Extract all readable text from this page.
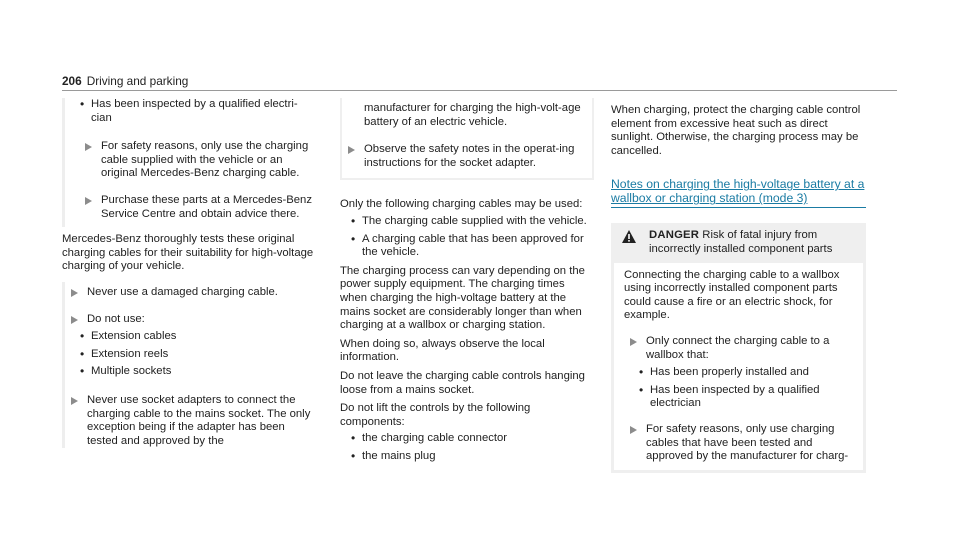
206 Driving and parking
• Has been inspected by a qualified electri-
cian
For safety reasons, only use the charging cable supplied with the vehicle or an original Mercedes-Benz charging cable.
Purchase these parts at a Mercedes-Benz Service Centre and obtain advice there.

Mercedes-Benz thoroughly tests these original charging cables for their suitability for high-voltage charging of your vehicle.

Never use a damaged charging cable.
Do not use:
• Extension cables
• Extension reels
• Multiple sockets
Never use socket adapters to connect the charging cable to the mains socket. The only exception being if the adapter has been tested and approved by the

manufacturer for charging the high-volt-age battery of an electric vehicle.

Observe the safety notes in the operat-ing instructions for the socket adapter.

Only the following charging cables may be used:

• The charging cable supplied with the vehicle.
• A charging cable that has been approved for the vehicle.

The charging process can vary depending on the power supply equipment. The charging times when charging the high-voltage battery at the mains socket are considerably longer than when charging at a wallbox or charging station.

When doing so, always observe the local information.

Do not leave the charging cable controls hanging loose from a mains socket.

Do not lift the controls by the following components:

• the charging cable connector
• the mains plug

When charging, protect the charging cable control element from excessive heat such as direct sunlight. Otherwise, the charging process may be cancelled.

Notes on charging the high-voltage battery at a wallbox or charging station (mode 3)
DANGER Risk of fatal injury from incorrectly installed component parts

Connecting the charging cable to a wallbox using incorrectly installed component parts could cause a fire or an electric shock, for example.

Only connect the charging cable to a wallbox that:
• Has been properly installed and
• Has been inspected by a qualified electrician
For safety reasons, only use charging cables that have been tested and approved by the manufacturer for charg-
